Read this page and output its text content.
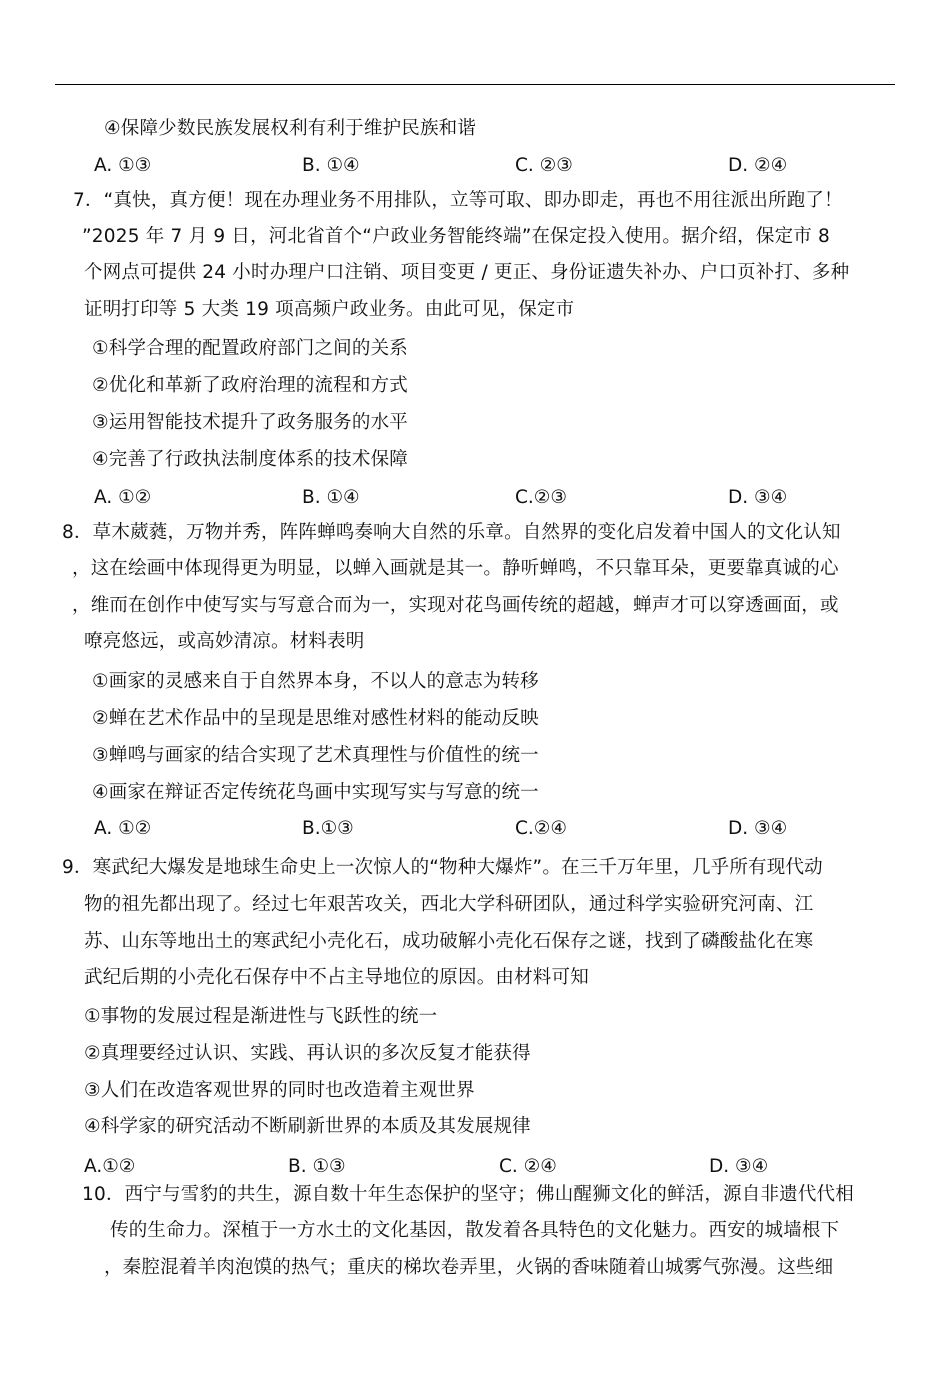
④保障少数民族发展权利有利于维护民族和谐
A. ①③	B. ①④	C. ②③	D. ②④
7．“真快，真方便！现在办理业务不用排队，立等可取、即办即走，再也不用往派出所跑了！
”2025 年 7 月 9 日，河北省首个“户政业务智能终端”在保定投入使用。据介绍，保定市 8
个网点可提供 24 小时办理户口注销、项目变更 / 更正、身份证遗失补办、户口页补打、多种
证明打印等 5 大类 19 项高频户政业务。由此可见，保定市
①科学合理的配置政府部门之间的关系
②优化和革新了政府治理的流程和方式
③运用智能技术提升了政务服务的水平
④完善了行政执法制度体系的技术保障
A. ①②	B. ①④	C.②③	D. ③④
8．草木葳蕤，万物并秀，阵阵蝉鸣奏响大自然的乐章。自然界的变化启发着中国人的文化认知
，这在绘画中体现得更为明显，以蝉入画就是其一。静听蝉鸣，不只靠耳朵，更要靠真诚的心
，维而在创作中使写实与写意合而为一，实现对花鸟画传统的超越，蝉声才可以穿透画面，或
嘹亮悠远，或高妙清凉。材料表明
①画家的灵感来自于自然界本身，不以人的意志为转移
②蝉在艺术作品中的呈现是思维对感性材料的能动反映
③蝉鸣与画家的结合实现了艺术真理性与价值性的统一
④画家在辩证否定传统花鸟画中实现写实与写意的统一
A. ①②	B.①③	C.②④	D. ③④
9．寒武纪大爆发是地球生命史上一次惊人的“物种大爆炸”。在三千万年里，几乎所有现代动
物的祖先都出现了。经过七年艰苦攻关，西北大学科研团队，通过科学实验研究河南、江
苏、山东等地出土的寒武纪小壳化石，成功破解小壳化石保存之谜，找到了磷酸盐化在寒
武纪后期的小壳化石保存中不占主导地位的原因。由材料可知
①事物的发展过程是渐进性与飞跃性的统一
②真理要经过认识、实践、再认识的多次反复才能获得
③人们在改造客观世界的同时也改造着主观世界
④科学家的研究活动不断刷新世界的本质及其发展规律
A.①②	B. ①③	C. ②④	D. ③④
10．西宁与雪豹的共生，源自数十年生态保护的坚守；佛山醒狮文化的鲜活，源自非遗代代相
传的生命力。深植于一方水土的文化基因，散发着各具特色的文化魅力。西安的城墙根下
，秦腔混着羊肉泡馍的热气；重庆的梯坎卷弄里，火锅的香味随着山城雾气弥漫。这些细
